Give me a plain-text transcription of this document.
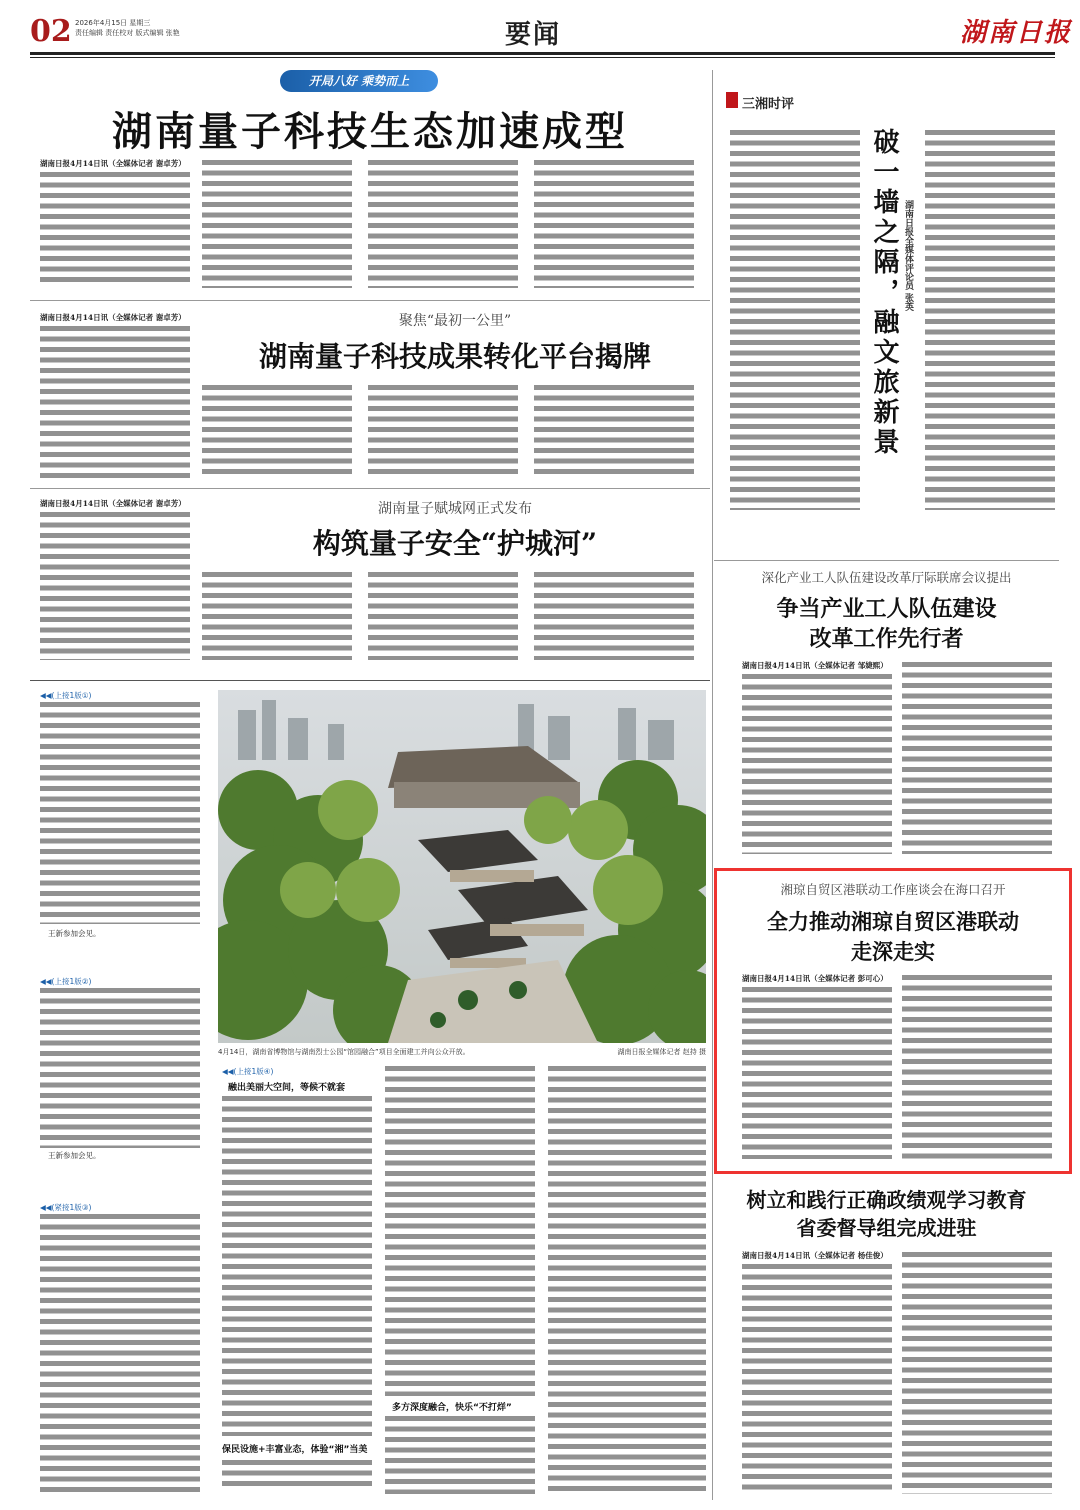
02 2026年4月15日 星期三
责任编辑 责任校对 版式编辑 张艳	要闻	湖南日报
开局八好 乘势而上
湖南量子科技生态加速成型
湖南日报4月14日讯（全媒体记者 谢卓芳）
湖南日报4月14日讯（全媒体记者 谢卓芳）	聚焦“最初一公里”
湖南量子科技成果转化平台揭牌
湖南日报4月14日讯（全媒体记者 谢卓芳）	湖南量子赋城网正式发布
构筑量子安全“护城河”
三湘时评
破一墙之隔，融文旅新景 湖南日报全媒体评论员 张英
深化产业工人队伍建设改革厅际联席会议提出
争当产业工人队伍建设
改革工作先行者
湖南日报4月14日讯（全媒体记者 邹婕熙）
湘琼自贸区港联动工作座谈会在海口召开
全力推动湘琼自贸区港联动
走深走实
湖南日报4月14日讯（全媒体记者 彭可心）
树立和践行正确政绩观学习教育
省委督导组完成进驻
湖南日报4月14日讯（全媒体记者 杨佳俊）
◀◀(上接1版①)
王新参加会见。
◀◀(上接1版②)
王新参加会见。
◀◀(紧接1版③)
4月14日，湖南省博物馆与湖南烈士公园“馆园融合”项目全面建工并向公众开放。	湖南日报全媒体记者 赵持 摄
◀◀(上接1版④)
融出美丽大空间，等候不就套
保民设施+丰富业态，体验“湘”当美
多方深度融合，快乐“不打烊”
